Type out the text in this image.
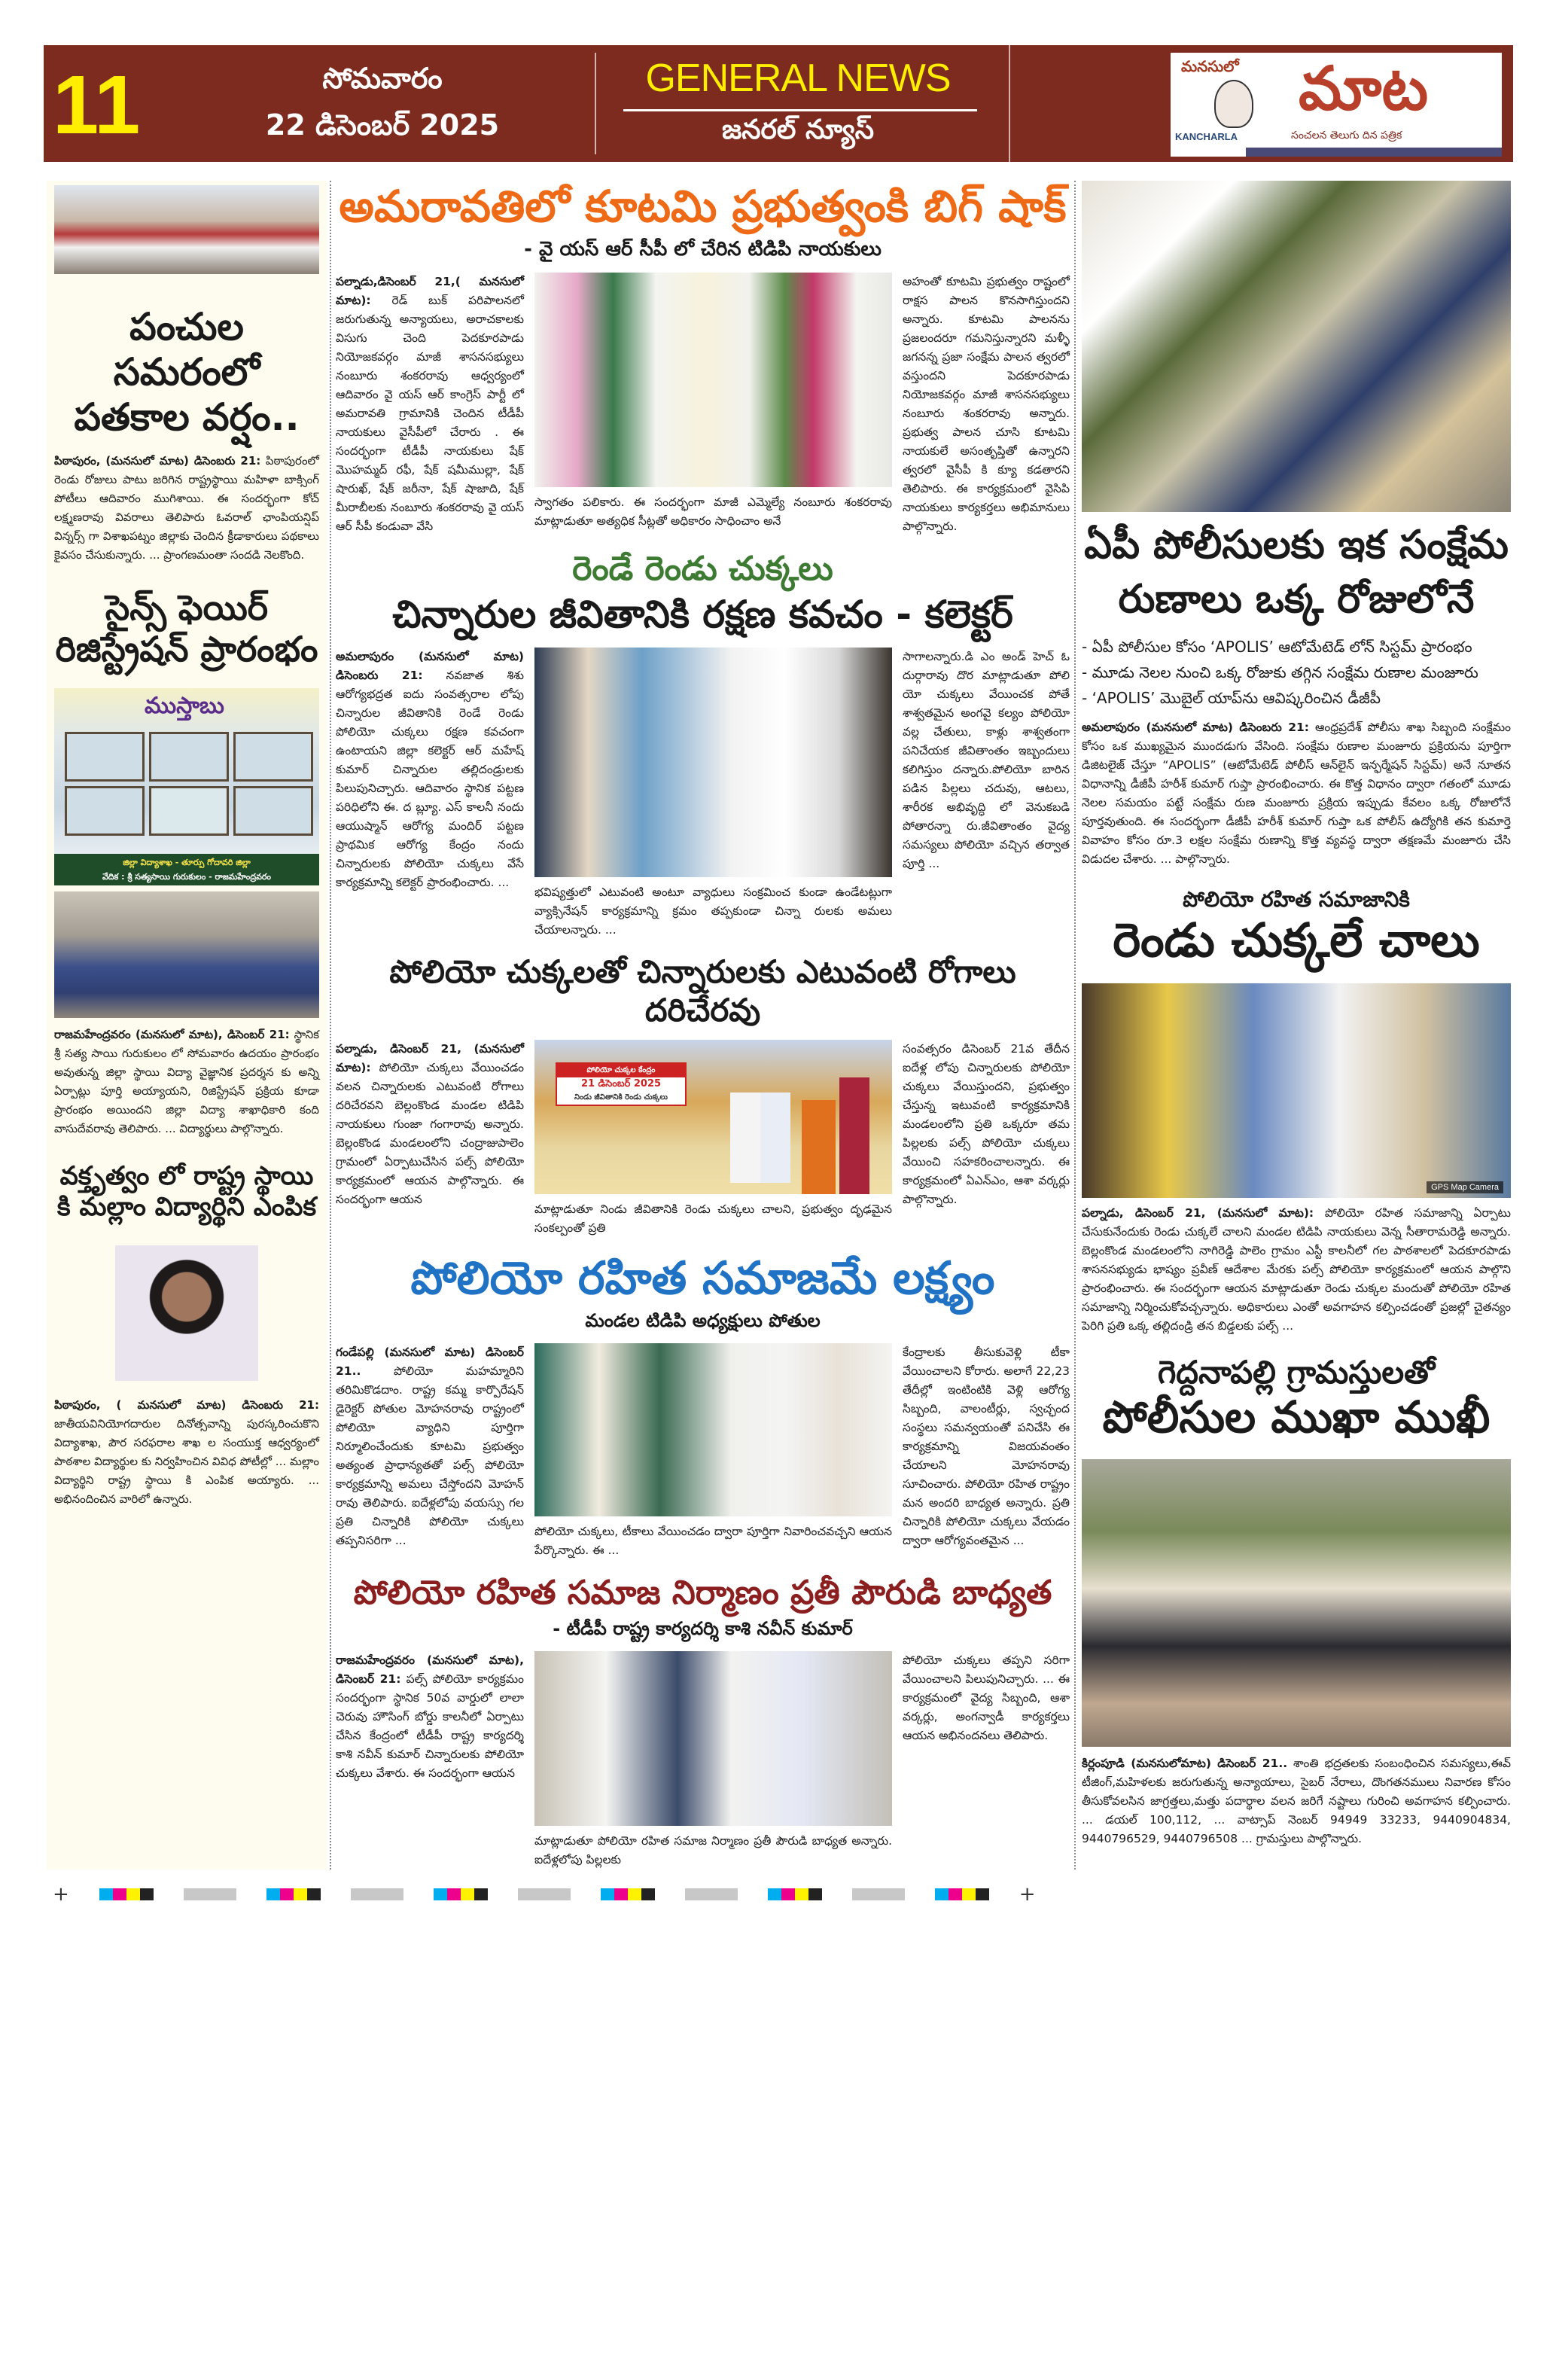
11	సోమవారం
22 డిసెంబర్ 2025
GENERAL NEWS
జనరల్ న్యూస్
మనసులో మాట
KANCHARLA	సంచలన తెలుగు దిన పత్రిక
పంచుల సమరంలో పతకాల వర్షం..
పిఠాపురం, (మనసులో మాట) డిసెంబరు 21: పిఠాపురంలో రెండు రోజులు పాటు జరిగిన రాష్ట్రస్థాయి మహిళా బాక్సింగ్ పోటీలు ఆదివారం ముగిశాయి. ఈ సందర్భంగా కోచ్ లక్ష్మణరావు వివరాలు తెలిపారు ఓవరాల్ ఛాంపియన్షిప్ విన్నర్స్ గా విశాఖపట్నం జిల్లాకు చెందిన క్రీడాకారులు పథకాలు కైవసం చేసుకున్నారు. ... ప్రాంగణమంతా సందడి నెలకొంది.
సైన్స్ ఫెయిర్ రిజిస్ట్రేషన్ ప్రారంభం
ముస్తాబు
జిల్లా విద్యాశాఖ - తూర్పు గోదావరి జిల్లా
వేదిక : శ్రీ సత్యసాయి గురుకులం - రాజమహేంద్రవరం
రాజమహేంద్రవరం (మనసులో మాట), డిసెంబర్ 21: స్థానిక శ్రీ సత్య సాయి గురుకులం లో సోమవారం ఉదయం ప్రారంభం అవుతున్న జిల్లా స్థాయి విద్యా వైజ్ఞానిక ప్రదర్శన కు అన్ని ఏర్పాట్లు పూర్తి అయ్యాయని, రిజిస్ట్రేషన్ ప్రక్రియ కూడా ప్రారంభం అయిందని జిల్లా విద్యా శాఖాధికారి కంది వాసుదేవరావు తెలిపారు. ... విద్యార్థులు పాల్గొన్నారు.
వక్తృత్వం లో రాష్ట్ర స్థాయి కి మల్లాం విద్యార్థిని ఎంపిక
పిఠాపురం, ( మనసులో మాట) డిసెంబరు 21: జాతీయవినియోగదారుల దినోత్సవాన్ని పురస్కరించుకొని విద్యాశాఖ, పౌర సరఫరాల శాఖ ల సంయుక్త ఆధ్వర్యంలో పాఠశాల విద్యార్థుల కు నిర్వహించిన వివిధ పోటీల్లో ... మల్లాం విద్యార్థిని రాష్ట్ర స్థాయి కి ఎంపిక అయ్యారు. ... అభినందించిన వారిలో ఉన్నారు.
అమరావతిలో కూటమి ప్రభుత్వంకి బిగ్ షాక్
- వై యస్ ఆర్ సీపీ లో చేరిన టిడిపి నాయకులు
పల్నాడు,డిసెంబర్ 21,( మనసులో మాట): రెడ్ బుక్ పరిపాలనలో జరుగుతున్న అన్యాయలు, అరాచకాలకు విసుగు చెంది పెదకూరపాడు నియోజకవర్గం మాజీ శాసనసభ్యులు నంబూరు శంకరరావు ఆధ్వర్యంలో ఆదివారం వై యస్ ఆర్ కాంగ్రెస్ పార్టీ లో అమరావతి గ్రామానికి చెందిన టీడీపీ నాయకులు వైసీపీలో చేరారు . ఈ సందర్భంగా టీడీపీ నాయకులు షేక్ మొహమ్మద్ రఫీ, షేక్ షమీముల్లా, షేక్ షారుఖ్, షేక్ జరీనా, షేక్ షాజాది, షేక్ మీరాబీలకు నంబూరు శంకరరావు వై యస్ ఆర్ సీపీ కండువా వేసి
స్వాగతం పలికారు. ఈ సందర్భంగా మాజీ ఎమ్మెల్యే నంబూరు శంకరరావు మాట్లాడుతూ అత్యధిక సీట్లతో అధికారం సాధించాం అనే
అహంతో కూటమి ప్రభుత్వం రాష్టంలో రాక్షస పాలన కొనసాగిస్తుందని అన్నారు. కూటమి పాలనను ప్రజలందరూ గమనిస్తున్నారని మళ్ళీ జగనన్న ప్రజా సంక్షేమ పాలన త్వరలో వస్తుందని పెదకూరపాడు నియోజకవర్గం మాజీ శాసనసభ్యులు నంబూరు శంకరరావు అన్నారు. ప్రభుత్వ పాలన చూసి కూటమి నాయకులే అసంతృప్తితో ఉన్నారని త్వరలో వైసీపీ కి క్యూ కడతారని తెలిపారు. ఈ కార్యక్రమంలో వైసిపి నాయకులు కార్యకర్తలు అభిమానులు పాల్గొన్నారు.
రెండే రెండు చుక్కలు
చిన్నారుల జీవితానికి రక్షణ కవచం - కలెక్టర్
అమలాపురం (మనసులో మాట) డిసెంబరు 21: నవజాత శిశు ఆరోగ్యభద్రత ఐదు సంవత్సరాల లోపు చిన్నారుల జీవితానికి రెండే రెండు పోలియో చుక్కలు రక్షణ కవచంగా ఉంటాయని జిల్లా కలెక్టర్ ఆర్ మహేష్ కుమార్ చిన్నారుల తల్లిదండ్రులకు పిలుపునిచ్చారు. ఆదివారం స్థానిక పట్టణ పరిధిలోని ఈ. ద బ్ల్యూ. ఎస్ కాలనీ నందు ఆయుష్మాన్ ఆరోగ్య మందిర్ పట్టణ ప్రాథమిక ఆరోగ్య కేంద్రం నందు చిన్నారులకు పోలియో చుక్కలు వేసే కార్యక్రమాన్ని కలెక్టర్ ప్రారంభించారు. ...
భవిష్యత్తులో ఎటువంటి అంటూ వ్యాధులు సంక్రమించ కుండా ఉండేటట్లుగా వ్యాక్సినేషన్ కార్యక్రమాన్ని క్రమం తప్పకుండా చిన్నా రులకు అమలు చేయాలన్నారు. ...
సాగాలన్నారు.డి ఎం అండ్ హెచ్ ఓ దుర్గారావు దొర మాట్లాడుతూ పోలి యో చుక్కలు వేయించక పోతే శాశ్వతమైన అంగవై కల్యం పోలియో వల్ల చేతులు, కాళ్లు శాశ్వతంగా పనిచేయక జీవితాంతం ఇబ్బందులు కలిగిస్తుం దన్నారు.పోలియో బారిన పడిన పిల్లలు చదువు, ఆటలు, శారీరక అభివృద్ధి లో వెనుకబడి పోతారన్నా రు.జీవితాంతం వైద్య సమస్యలు పోలియో వచ్చిన తర్వాత పూర్తి ...
పోలియో చుక్కలతో చిన్నారులకు ఎటువంటి రోగాలు దరిచేరవు
పల్నాడు, డిసెంబర్ 21, (మనసులో మాట): పోలియో చుక్కలు వేయించడం వలన చిన్నారులకు ఎటువంటి రోగాలు దరిచేరవని బెల్లంకొండ మండల టిడిపి నాయకులు గుంజా గంగారావు అన్నారు. బెల్లంకొండ మండలంలోని చంద్రాజుపాలెం గ్రామంలో ఏర్పాటుచేసిన పల్స్ పోలియో కార్యక్రమంలో ఆయన పాల్గొన్నారు. ఈ సందర్భంగా ఆయన
పోలియో చుక్కల కేంద్రం
21 డిసెంబర్ 2025
నిండు జీవితానికి రెండు చుక్కలు
మాట్లాడుతూ నిండు జీవితానికి రెండు చుక్కలు చాలని, ప్రభుత్వం దృఢమైన సంకల్పంతో ప్రతి
సంవత్సరం డిసెంబర్ 21వ తేదీన ఐదేళ్ల లోపు చిన్నారులకు పోలియో చుక్కలు వేయిస్తుందని, ప్రభుత్వం చేస్తున్న ఇటువంటి కార్యక్రమానికి మండలంలోని ప్రతి ఒక్కరూ తమ పిల్లలకు పల్స్ పోలియో చుక్కలు వేయించి సహకరించాలన్నారు. ఈ కార్యక్రమంలో ఏఎన్ఎం, ఆశా వర్కర్లు పాల్గొన్నారు.
పోలియో రహిత సమాజమే లక్ష్యం
మండల టిడిపి అధ్యక్షులు పోతుల
గండేపల్లి (మనసులో మాట) డిసెంబర్ 21..	పోలియో మహమ్మారిని తరిమికొడదాం. రాష్ట్ర కమ్మ కార్పొరేషన్ డైరెక్టర్ పోతుల మోహనరావు రాష్ట్రంలో పోలియో వ్యాధిని పూర్తిగా నిర్మూలించేందుకు కూటమి ప్రభుత్వం అత్యంత ప్రాధాన్యతతో పల్స్ పోలియో కార్యక్రమాన్ని అమలు చేస్తోందని మోహన్ రావు తెలిపారు. ఐదేళ్లలోపు వయస్సు గల ప్రతి చిన్నారికి పోలియో చుక్కలు తప్పనిసరిగా ...
పోలియో చుక్కలు, టీకాలు వేయించడం ద్వారా పూర్తిగా నివారించవచ్చని ఆయన పేర్కొన్నారు. ఈ ...
కేంద్రాలకు తీసుకువెళ్లి టీకా వేయించాలని కోరారు. అలాగే 22,23 తేదీల్లో ఇంటింటికి వెళ్లి ఆరోగ్య సిబ్బంది, వాలంటీర్లు, స్వచ్ఛంద సంస్థలు సమన్వయంతో పనిచేసి ఈ కార్యక్రమాన్ని విజయవంతం చేయాలని మోహనరావు సూచించారు. పోలియో రహిత రాష్ట్రం మన అందరి బాధ్యత అన్నారు. ప్రతి చిన్నారికి పోలియో చుక్కలు వేయడం ద్వారా ఆరోగ్యవంతమైన ...
పోలియో రహిత సమాజ నిర్మాణం ప్రతీ పౌరుడి బాధ్యత
- టీడీపీ రాష్ట్ర కార్యదర్శి కాశి నవీన్ కుమార్
రాజమహేంద్రవరం (మనసులో మాట), డిసెంబర్ 21: పల్స్ పోలియో కార్యక్రమం సందర్భంగా స్థానిక 50వ వార్డులో లాలా చెరువు హౌసింగ్ బోర్డు కాలనీలో ఏర్పాటు చేసిన కేంద్రంలో టీడీపీ రాష్ట్ర కార్యదర్శి కాశి నవీన్ కుమార్ చిన్నారులకు పోలియో చుక్కలు వేశారు. ఈ సందర్భంగా ఆయన
మాట్లాడుతూ పోలియో రహిత సమాజ నిర్మాణం ప్రతీ పౌరుడి బాధ్యత అన్నారు. ఐదేళ్లలోపు పిల్లలకు
పోలియో చుక్కలు తప్పని సరిగా వేయించాలని పిలుపునిచ్చారు. ... ఈ కార్యక్రమంలో వైద్య సిబ్బంది, ఆశా వర్కర్లు, అంగన్వాడీ కార్యకర్తలు ఆయన అభినందనలు తెలిపారు.
ఏపీ పోలీసులకు ఇక సంక్షేమ రుణాలు ఒక్క రోజులోనే
- ఏపీ పోలీసుల కోసం ‘APOLIS’ ఆటోమేటెడ్ లోన్ సిస్టమ్ ప్రారంభం
- మూడు నెలల నుంచి ఒక్క రోజుకు తగ్గిన సంక్షేమ రుణాల మంజూరు
- ‘APOLIS’ మొబైల్ యాప్‌ను ఆవిష్కరించిన డీజీపీ
అమలాపురం (మనసులో మాట) డిసెంబరు 21: ఆంధ్రప్రదేశ్ పోలీసు శాఖ సిబ్బంది సంక్షేమం కోసం ఒక ముఖ్యమైన ముందడుగు వేసింది. సంక్షేమ రుణాల మంజూరు ప్రక్రియను పూర్తిగా డిజిటలైజ్ చేస్తూ “APOLIS” (ఆటోమేటెడ్ పోలీస్ ఆన్‌లైన్ ఇన్ఫర్మేషన్ సిస్టమ్) అనే నూతన విధానాన్ని డీజీపీ హరీశ్ కుమార్ గుప్తా ప్రారంభించారు. ఈ కొత్త విధానం ద్వారా గతంలో మూడు నెలల సమయం పట్టే సంక్షేమ రుణ మంజూరు ప్రక్రియ ఇప్పుడు కేవలం ఒక్క రోజులోనే పూర్తవుతుంది. ఈ సందర్భంగా డీజీపీ హరీశ్ కుమార్ గుప్తా ఒక పోలీస్ ఉద్యోగికి తన కుమార్తె వివాహం కోసం రూ.3 లక్షల సంక్షేమ రుణాన్ని కొత్త వ్యవస్థ ద్వారా తక్షణమే మంజూరు చేసి విడుదల చేశారు. ... పాల్గొన్నారు.
పోలియో రహిత సమాజానికి
రెండు చుక్కలే చాలు
GPS Map Camera
పల్నాడు, డిసెంబర్ 21, (మనసులో మాట): పోలియో రహిత సమాజాన్ని ఏర్పాటు చేసుకునేందుకు రెండు చుక్కలే చాలని మండల టిడిపి నాయకులు వెన్న సీతారామరెడ్డి అన్నారు. బెల్లంకొండ మండలంలోని నాగిరెడ్డి పాలెం గ్రామం ఎస్టీ కాలనీలో గల పాఠశాలలో పెదకూరపాడు శాసనసభ్యుడు భాష్యం ప్రవీణ్ ఆదేశాల మేరకు పల్స్ పోలియో కార్యక్రమంలో ఆయన పాల్గొని ప్రారంభించారు. ఈ సందర్భంగా ఆయన మాట్లాడుతూ రెండు చుక్కల మందుతో పోలియో రహిత సమాజాన్ని నిర్మించుకోవచ్చన్నారు. అధికారులు ఎంతో అవగాహన కల్పించడంతో ప్రజల్లో చైతన్యం పెరిగి ప్రతి ఒక్క తల్లిదండ్రి తన బిడ్డలకు పల్స్ ...
గెద్దనాపల్లి గ్రామస్తులతో
పోలీసుల ముఖా ముఖీ
కిర్లంపూడి (మనసులోమాట) డిసెంబర్ 21.. శాంతి భద్రతలకు సంబంధించిన సమస్యలు,ఈవ్ టీజింగ్,మహిళలకు జరుగుతున్న అన్యాయాలు, సైబర్ నేరాలు, దొంగతనములు నివారణ కోసం తీసుకోవలసిన జాగ్రత్తలు,మత్తు పదార్థాల వలన జరిగే నష్టాలు గురించి అవగాహన కల్పించారు. ... డయల్ 100,112, ... వాట్సాప్ నెంబర్ 94949 33233, 9440904834, 9440796529, 9440796508 ... గ్రామస్తులు పాల్గొన్నారు.
+	+
